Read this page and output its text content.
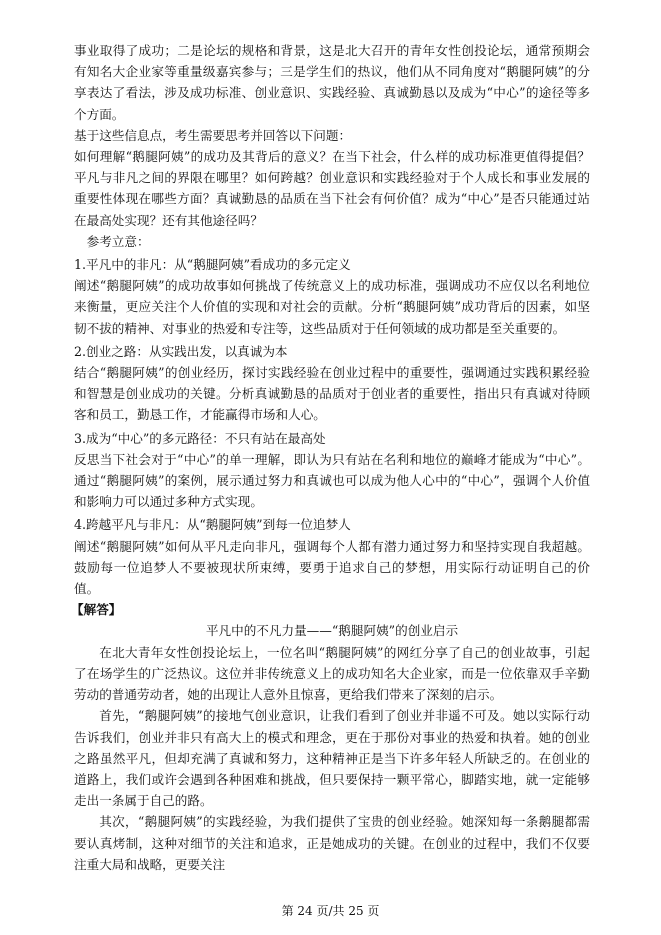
事业取得了成功；二是论坛的规格和背景，这是北大召开的青年女性创投论坛，通常预期会有知名大企业家等重量级嘉宾参与；三是学生们的热议，他们从不同角度对“鹅腿阿姨”的分享表达了看法，涉及成功标准、创业意识、实践经验、真诚勤恳以及成为“中心”的途径等多个方面。

基于这些信息点，考生需要思考并回答以下问题：

如何理解“鹅腿阿姨”的成功及其背后的意义？在当下社会，什么样的成功标准更值得提倡？平凡与非凡之间的界限在哪里？如何跨越？创业意识和实践经验对于个人成长和事业发展的重要性体现在哪些方面？真诚勤恳的品质在当下社会有何价值？成为“中心”是否只能通过站在最高处实现？还有其他途径吗？

参考立意：

1.平凡中的非凡：从“鹅腿阿姨”看成功的多元定义

阐述“鹅腿阿姨”的成功故事如何挑战了传统意义上的成功标准，强调成功不应仅以名利地位来衡量，更应关注个人价值的实现和对社会的贡献。分析“鹅腿阿姨”成功背后的因素，如坚韧不拔的精神、对事业的热爱和专注等，这些品质对于任何领域的成功都是至关重要的。

2.创业之路：从实践出发，以真诚为本

结合“鹅腿阿姨”的创业经历，探讨实践经验在创业过程中的重要性，强调通过实践积累经验和智慧是创业成功的关键。分析真诚勤恳的品质对于创业者的重要性，指出只有真诚对待顾客和员工，勤恳工作，才能赢得市场和人心。

3.成为“中心”的多元路径：不只有站在最高处

反思当下社会对于“中心”的单一理解，即认为只有站在名利和地位的巅峰才能成为“中心”。通过“鹅腿阿姨”的案例，展示通过努力和真诚也可以成为他人心中的“中心”，强调个人价值和影响力可以通过多种方式实现。

4.跨越平凡与非凡：从“鹅腿阿姨”到每一位追梦人

阐述“鹅腿阿姨”如何从平凡走向非凡，强调每个人都有潜力通过努力和坚持实现自我超越。鼓励每一位追梦人不要被现状所束缚，要勇于追求自己的梦想，用实际行动证明自己的价值。

【解答】

平凡中的不凡力量——“鹅腿阿姨”的创业启示

在北大青年女性创投论坛上，一位名叫“鹅腿阿姨”的网红分享了自己的创业故事，引起了在场学生的广泛热议。这位并非传统意义上的成功知名大企业家，而是一位依靠双手辛勤劳动的普通劳动者，她的出现让人意外且惊喜，更给我们带来了深刻的启示。

首先，“鹅腿阿姨”的接地气创业意识，让我们看到了创业并非遥不可及。她以实际行动告诉我们，创业并非只有高大上的模式和理念，更在于那份对事业的热爱和执着。她的创业之路虽然平凡，但却充满了真诚和努力，这种精神正是当下许多年轻人所缺乏的。在创业的道路上，我们或许会遇到各种困难和挑战，但只要保持一颗平常心，脚踏实地，就一定能够走出一条属于自己的路。

其次，“鹅腿阿姨”的实践经验，为我们提供了宝贵的创业经验。她深知每一条鹅腿都需要认真烤制，这种对细节的关注和追求，正是她成功的关键。在创业的过程中，我们不仅要注重大局和战略，更要关注

第 24 页/共 25 页
